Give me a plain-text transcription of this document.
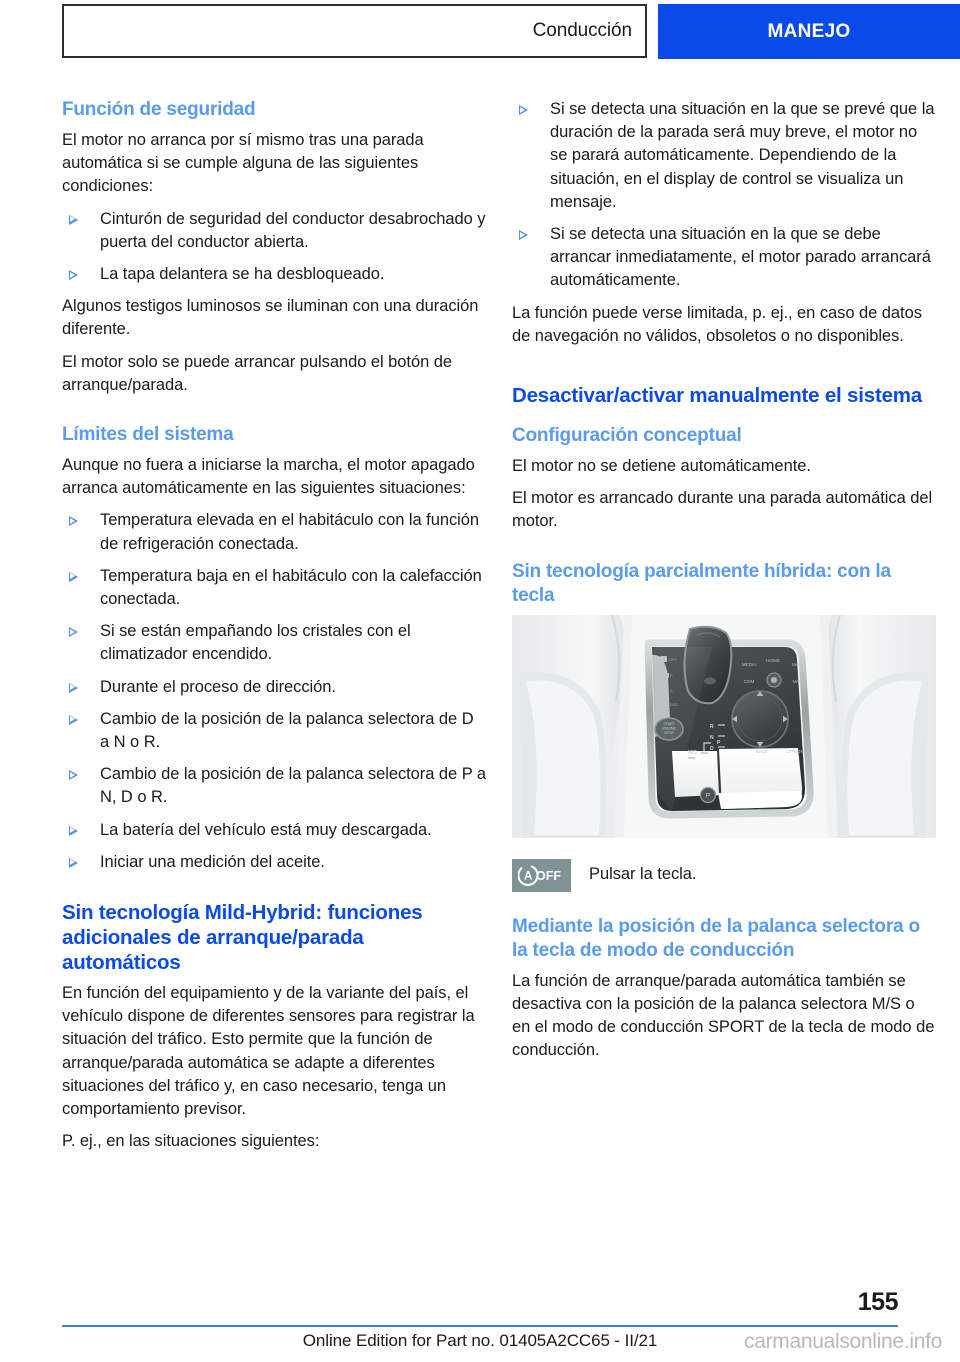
Conducción	MANEJO
Función de seguridad

El motor no arranca por sí mismo tras una parada automática si se cumple alguna de las siguientes condiciones:

Cinturón de seguridad del conductor desabrochado y puerta del conductor abierta.
La tapa delantera se ha desbloqueado.

Algunos testigos luminosos se iluminan con una duración diferente.

El motor solo se puede arrancar pulsando el botón de arranque/parada.

Límites del sistema

Aunque no fuera a iniciarse la marcha, el motor apagado arranca automáticamente en las siguientes situaciones:

Temperatura elevada en el habitáculo con la función de refrigeración conectada.
Temperatura baja en el habitáculo con la calefacción conectada.
Si se están empañando los cristales con el climatizador encendido.
Durante el proceso de dirección.
Cambio de la posición de la palanca selectora de D a N o R.
Cambio de la posición de la palanca selectora de P a N, D o R.
La batería del vehículo está muy descargada.
Iniciar una medición del aceite.
Sin tecnología Mild-Hybrid: funciones adicionales de arranque/parada automáticos

En función del equipamiento y de la variante del país, el vehículo dispone de diferentes sensores para registrar la situación del tráfico. Esto permite que la función de arranque/parada automática se adapte a diferentes situaciones del tráfico y, en caso necesario, tenga un comportamiento previsor.

P. ej., en las situaciones siguientes:

Si se detecta una situación en la que se prevé que la duración de la parada será muy breve, el motor no se parará automáticamente. Dependiendo de la situación, en el display de control se visualiza un mensaje.
Si se detecta una situación en la que se debe arrancar inmediatamente, el motor parado arrancará automáticamente.

La función puede verse limitada, p. ej., en caso de datos de navegación no válidos, obsoletos o no disponibles.

Desactivar/activar manualmente el sistema
Configuración conceptual

El motor no se detiene automáticamente.

El motor es arrancado durante una parada automática del motor.

Sin tecnología parcialmente híbrida: con la tecla
OFF
P
A
DSC
START
ENGINE
STOP
R
N
D
P
M/S
MEDIA
HOME
MAP
COM	NAV
BACK	OPTION
P
A OFF Pulsar la tecla.
Mediante la posición de la palanca selectora o la tecla de modo de conducción

La función de arranque/parada automática también se desactiva con la posición de la palanca selectora M/S o en el modo de conducción SPORT de la tecla de modo de conducción.

155
Online Edition for Part no. 01405A2CC65 - II/21	carmanualsonline.info
